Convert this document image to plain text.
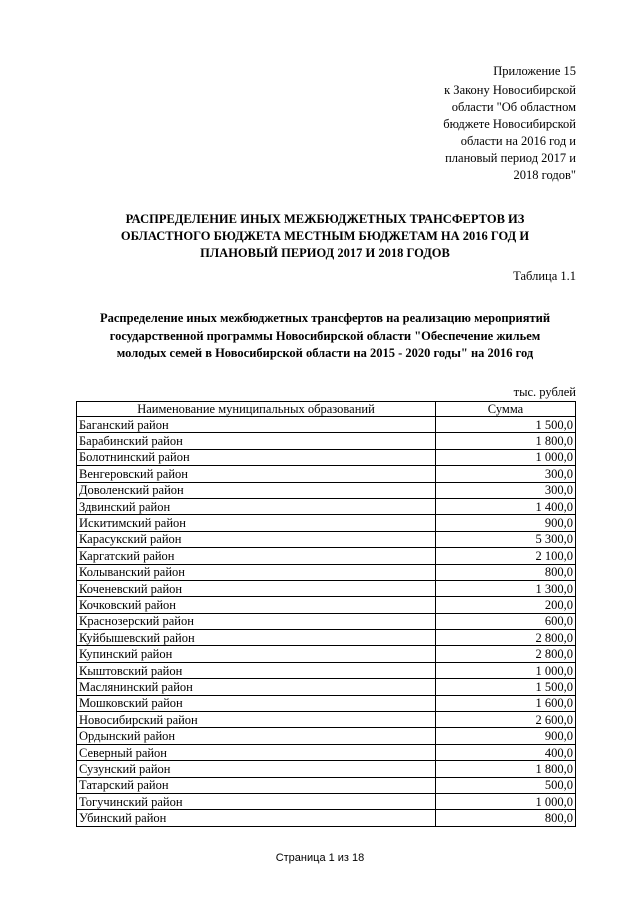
Приложение 15
к Закону Новосибирской
области "Об областном
бюджете Новосибирской
области на 2016 год и
плановый период 2017 и
2018 годов"
РАСПРЕДЕЛЕНИЕ ИНЫХ МЕЖБЮДЖЕТНЫХ ТРАНСФЕРТОВ ИЗ
ОБЛАСТНОГО БЮДЖЕТА МЕСТНЫМ БЮДЖЕТАМ НА 2016 ГОД И
ПЛАНОВЫЙ ПЕРИОД 2017 И 2018 ГОДОВ
Таблица 1.1
Распределение иных межбюджетных трансфертов на реализацию мероприятий
государственной программы Новосибирской области "Обеспечение жильем
молодых семей в Новосибирской области на 2015 - 2020 годы" на 2016 год
тыс. рублей
Наименование муниципальных образований	Сумма
Баганский район	1 500,0
Барабинский район	1 800,0
Болотнинский район	1 000,0
Венгеровский район	300,0
Доволенский район	300,0
Здвинский район	1 400,0
Искитимский район	900,0
Карасукский район	5 300,0
Каргатский район	2 100,0
Колыванский район	800,0
Коченевский район	1 300,0
Кочковский район	200,0
Краснозерский район	600,0
Куйбышевский район	2 800,0
Купинский район	2 800,0
Кыштовский район	1 000,0
Маслянинский район	1 500,0
Мошковский район	1 600,0
Новосибирский район	2 600,0
Ордынский район	900,0
Северный район	400,0
Сузунский район	1 800,0
Татарский район	500,0
Тогучинский район	1 000,0
Убинский район	800,0
Страница 1 из 18
